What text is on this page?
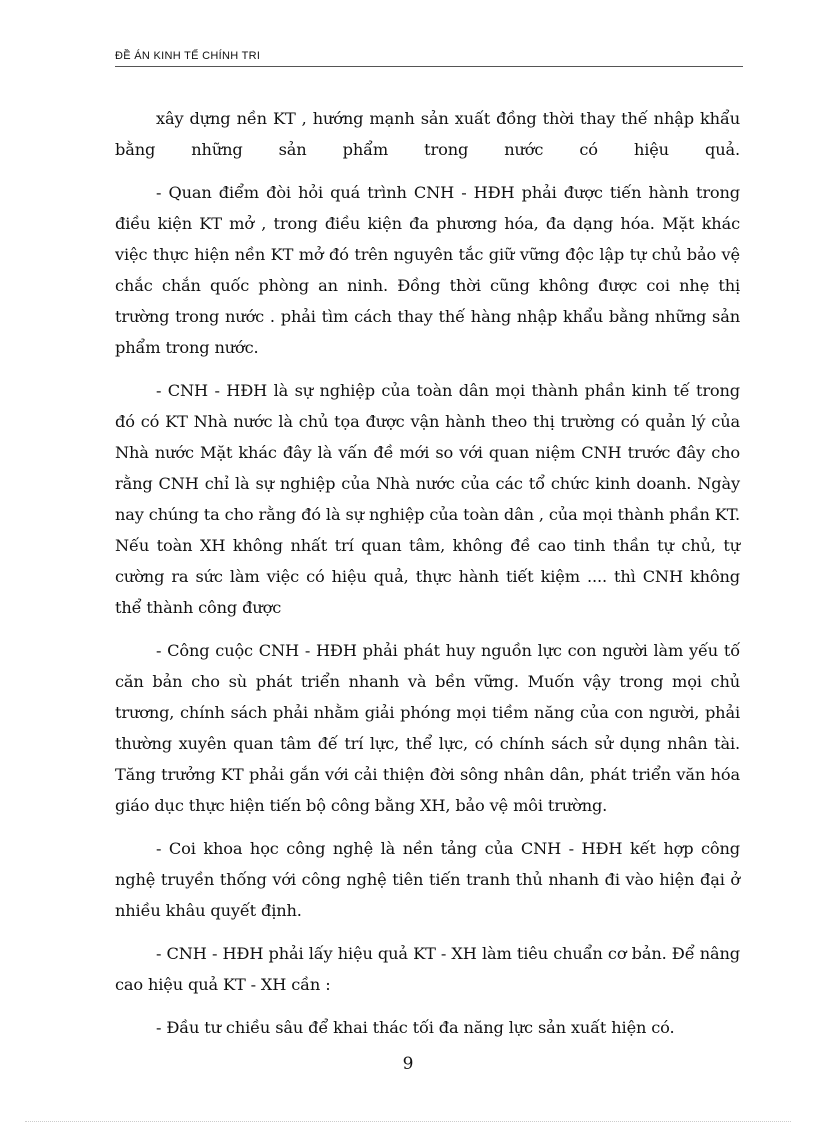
ĐỀ ÁN KINH TẾ CHÍNH TRI

xây dựng nền KT , hướng mạnh sản xuất đồng thời thay thế nhập khẩu bằng những sản phẩm trong nước có hiệu quả.

- Quan điểm đòi hỏi quá trình CNH - HĐH phải được tiến hành trong điều kiện KT mở , trong điều kiện đa phương hóa, đa dạng hóa. Mặt khác việc thực hiện nền KT mở đó trên nguyên tắc giữ vững độc lập tự chủ bảo vệ chắc chắn quốc phòng an ninh. Đồng thời cũng không được coi nhẹ thị trường trong nước . phải tìm cách thay thế hàng nhập khẩu bằng những sản phẩm trong nước.

- CNH - HĐH là sự nghiệp của toàn dân mọi thành phần kinh tế trong đó có KT Nhà nước là chủ tọa được vận hành theo thị trường có quản lý của Nhà nước Mặt khác đây là vấn đề mới so với quan niệm CNH trước đây cho rằng CNH chỉ là sự nghiệp của Nhà nước của các tổ chức kinh doanh. Ngày nay chúng ta cho rằng đó là sự nghiệp của toàn dân , của mọi thành phần KT. Nếu toàn XH không nhất trí quan tâm, không đề cao tinh thần tự chủ, tự cường ra sức làm việc có hiệu quả, thực hành tiết kiệm .... thì CNH không thể thành công được

- Công cuộc CNH - HĐH phải phát huy nguồn lực con người làm yếu tố căn bản cho sù phát triển nhanh và bền vững. Muốn vậy trong mọi chủ trương, chính sách phải nhằm giải phóng mọi tiềm năng của con người, phải thường xuyên quan tâm đế trí lực, thể lực, có chính sách sử dụng nhân tài. Tăng trưởng KT phải gắn với cải thiện đời sông nhân dân, phát triển văn hóa giáo dục thực hiện tiến bộ công bằng XH, bảo vệ môi trường.

- Coi khoa học công nghệ là nền tảng của CNH - HĐH kết hợp công nghệ truyền thống với công nghệ tiên tiến tranh thủ nhanh đi vào hiện đại ở nhiều khâu quyết định.

- CNH - HĐH phải lấy hiệu quả KT - XH làm tiêu chuẩn cơ bản. Để nâng cao hiệu quả KT - XH cần :

- Đầu tư chiều sâu để khai thác tối đa năng lực sản xuất hiện có.

9
